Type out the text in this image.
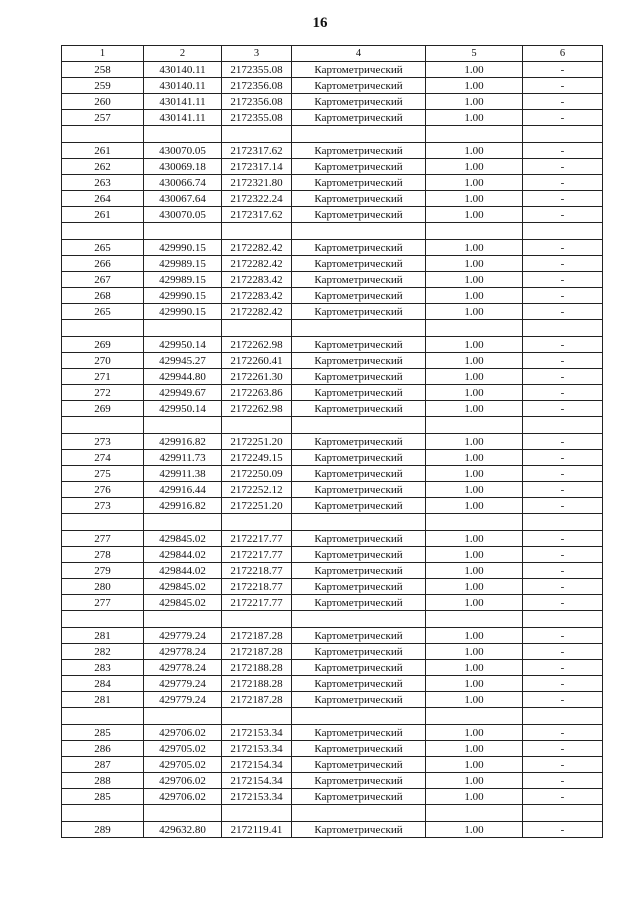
16
1	2	3	4	5	6
258	430140.11	2172355.08	Картометрический	1.00	-
259	430140.11	2172356.08	Картометрический	1.00	-
260	430141.11	2172356.08	Картометрический	1.00	-
257	430141.11	2172355.08	Картометрический	1.00	-

261	430070.05	2172317.62	Картометрический	1.00	-
262	430069.18	2172317.14	Картометрический	1.00	-
263	430066.74	2172321.80	Картометрический	1.00	-
264	430067.64	2172322.24	Картометрический	1.00	-
261	430070.05	2172317.62	Картометрический	1.00	-

265	429990.15	2172282.42	Картометрический	1.00	-
266	429989.15	2172282.42	Картометрический	1.00	-
267	429989.15	2172283.42	Картометрический	1.00	-
268	429990.15	2172283.42	Картометрический	1.00	-
265	429990.15	2172282.42	Картометрический	1.00	-

269	429950.14	2172262.98	Картометрический	1.00	-
270	429945.27	2172260.41	Картометрический	1.00	-
271	429944.80	2172261.30	Картометрический	1.00	-
272	429949.67	2172263.86	Картометрический	1.00	-
269	429950.14	2172262.98	Картометрический	1.00	-

273	429916.82	2172251.20	Картометрический	1.00	-
274	429911.73	2172249.15	Картометрический	1.00	-
275	429911.38	2172250.09	Картометрический	1.00	-
276	429916.44	2172252.12	Картометрический	1.00	-
273	429916.82	2172251.20	Картометрический	1.00	-

277	429845.02	2172217.77	Картометрический	1.00	-
278	429844.02	2172217.77	Картометрический	1.00	-
279	429844.02	2172218.77	Картометрический	1.00	-
280	429845.02	2172218.77	Картометрический	1.00	-
277	429845.02	2172217.77	Картометрический	1.00	-

281	429779.24	2172187.28	Картометрический	1.00	-
282	429778.24	2172187.28	Картометрический	1.00	-
283	429778.24	2172188.28	Картометрический	1.00	-
284	429779.24	2172188.28	Картометрический	1.00	-
281	429779.24	2172187.28	Картометрический	1.00	-

285	429706.02	2172153.34	Картометрический	1.00	-
286	429705.02	2172153.34	Картометрический	1.00	-
287	429705.02	2172154.34	Картометрический	1.00	-
288	429706.02	2172154.34	Картометрический	1.00	-
285	429706.02	2172153.34	Картометрический	1.00	-

289	429632.80	2172119.41	Картометрический	1.00	-
